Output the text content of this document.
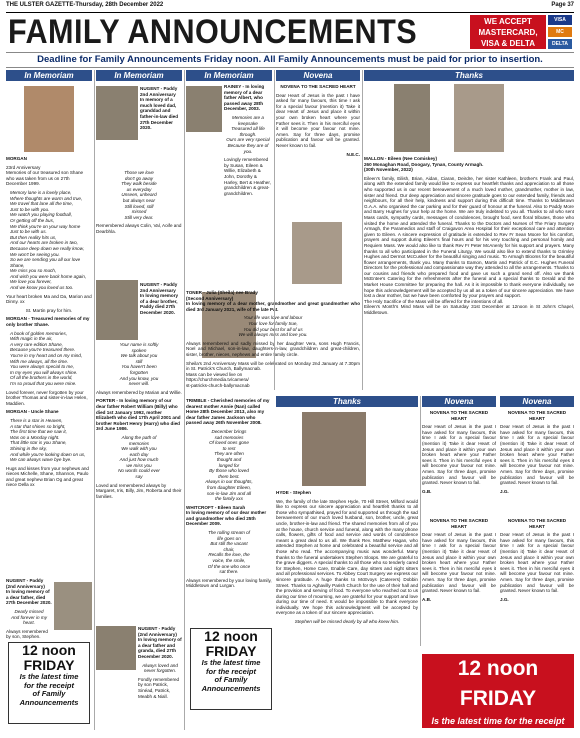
THE ULSTER GAZETTE-Thursday, 28th December 2022	Page 37
FAMILY ANNOUNCEMENTS	WE ACCEPT
MASTERCARD,
VISA & DELTA
VISA
MC
DELTA
Deadline for Family Announcements Friday noon. All Family Announcements must be paid for prior to insertion.
In Memoriam

MORGAN

23rd Anniversary
Memories of our treasured son Shane who was taken from us on 27th December 1999.

Memory lane is a lovely place,
Where thoughts are warm and true,
We travel that lane all the time,
Just to be with you.
We watch you playing football,
Or getting off the bus,
We think you're on your way home
Just to be with us.
But then reality hits us,
And our hearts are broken in two,
Because deep down we really know,
We won't be seeing you.
So we are sending you all our love Shane,
We miss you so much,
And wish you were back home again,
We love you forever,
And we know you loved us too.

Your heart broken Ma and Da, Marion and Dinny. xx

St. Martin pray for him.

MORGAN - Treasured memories of my only brother Shane.

A book of golden memories,
With magic in the air,
A very rare edition Shane,
Because you're treasured there.
You're in my heart and on my mind,
With me always, all the time.
You were always special to me,
In my eyes you will always shine.
Of all the brothers in the world,
I'm so proud that you were mine.

Loved forever, never forgotten by your brother Thomas and sister-in-law Helen, Maddien.

MORGAN - Uncle Shane

There is a star in Heaven,
A star that shines so bright,
The first time that we saw it,
Was on a Monday night.
That little star is you Shane,
Shining in the sky,
And while you're looking down on us,
We can always wave bye bye.

Hugs and kisses from your nephews and nieces Michelle, Shane, Shannon, Paulo and great nephew Brian Og and great niece Della xx

NUGENT - Paddy (2nd Anniversary)
In loving memory of a dear father, died 27th December 2020.

Dearly missed
And forever in my heart.

Always remembered by son, Stephen.

12 noon
FRIDAY
Is the latest time
for the receipt
of Family
Announcements
In Memoriam

NUGENT - Paddy
2nd Anniversary
In memory of a much loved dad, granddad and father-in-law died 27th December 2020.

Those we love
don't go away
They walk beside
us everyday
Unseen, unheard
but always near
Still loved, still
missed
Still very dear.

Remembered always Colin, Val, Aoife and Dearbhla.

NUGENT - Paddy
2nd Anniversary
In loving memory of a dear brother, Paddy died 27th December 2020.

Your name is softly
spoken
We talk about you
still
You haven't been
forgotten
And you know, you
never will.

Always remembered by Marian and Willie.

PORTER - In loving memory of our dear father Robert William (Billy) who died 1st January 1992, mother Elizabeth who died 17th April 2001 and brother Robert Henry (Harry) who died 3rd June 1986.

Along the path of
memories
We walk with you
each day
And just how much
we miss you
No words could ever
say

Loved and remembered always by Margaret, Iris, Billy, Jim, Roberta and their families.

NUGENT - Paddy (2nd Anniversary)
In loving memory of a dear father and granda, died 27th December 2020.

Always loved and
never forgotten.

Fondly remembered by son Patrick, Sinéad, Patrick, Meabh & Niall.

12 noon
FRIDAY
Is the latest time
for the receipt
of Family
Announcements
In Memoriam

RAINEY - In loving memory of a dear father Albert, who passed away 28th December, 2003.

Memories are a
keepsake
Treasured all life
through.
Ours are very special
Because they are of
you.

Lovingly remembered by Susan, Eileen & Willie, Elizabeth & John, Dorothy & Harley, Bert & Heather, grandchildren & great-grandchildren.

TONER - Julia (Sheila) nee Brady
(Second Anniversary)
In loving memory of a dear mother, grandmother and great grandmother who died 3rd January 2021, wife of the late Pat.

Your life was love and labour
Your love for family true,
You did your best for all of us
We will always miss and love you.

Always remembered and sadly missed by her daughter Vera, sons Hugh Francis, Noel and Michael, son-in-law, daughters-in-law, grandchildren and great-children, sister, brother, nieces, nephews and entire family circle.

Sheila's 2nd Anniversary Mass will be celebrated on Monday 2nd January at 7.30pm in St. Patrick's Church, Ballymacnab.
Mass can be viewed live on
https://churchmedia.tv/camera/
st-patricks-church-ballymacnab

TRIMBLE - Cherished memories of my dearest mother Annie (Nan) called Home 28th December 2013, also my dear father James Jackson who passed away 26th November 2008.

December brings
sad memories
Of loved ones gone
to rest
They are often
thought and
longed for
By those who loved
them best.
Always in our thoughts,
from daughter Eileen,
son-in-law Jim and all
the family xxx

WHITCROFT - Eileen Sarah
In loving memory of our dear mother and grandmother who died 25th December 2009.

The rolling stream of
life goes on
But still the vacant
chair,
Recalls the love, the
voice, the smile,
Of the one who once
sat there.

Always remembered by your loving family, Middletown and Lurgan.

Novena

NOVENA TO THE SACRED HEART

Dear Heart of Jesus in the past I have asked for many favours, this time I ask for a special favour (mention it) Take it dear Heart of Jesus and place it within your own broken heart where your Father sees it. Then in his merciful eyes it will become your favour not mine. Amen. Say for three days, promise publication and favour will be granted. Never known to fail.

N.E.C.

Thanks

MALLON - Eileen (Nee Comiskey)
260 Monaghan Road, Doogary, Tynan, County Armagh.
(30th November, 2022)

Eileen's family, Eilish, Brian, Aidan, Ciaran, Deirdre, her sister Kathleen, brother's Frank and Paul, along with the extended family would like to express our heartfelt thanks and appreciation to all those who supported us in our recent bereavement of a much loved mother, grandmother, mother in law, sister and friend. Our deep appreciation and sincere gratitude goes to our extended family, friends and neighbours, for all their help, kindness and support during this difficult time. Thanks to Middletown G.A.A. who organised the car parking and for their guard of honour at the funeral. Also to Paddy More and Barry Hughes for your help at the home. We are truly indebted to you all. Thanks to all who sent Mass cards, sympathy cards, messages of condolences, brought food, sent floral tributes, those who visited the home and attended the funeral. Thanks to the Doctors and Nurses of The Friary Surgery Armagh, the Paramedics and staff of Craigavon Area Hospital for their exceptional care and attention given to Eileen. A sincere expression of gratitude is extended to Rev Fr Sean Moore for his comfort, prayers and support during Eileen's final hours and for his very touching and personal homily and Requiem Mass. We would also like to thank Rev Fr Peter McAnenly for his support and prayers. Many thanks to all who participated in the Funeral Liturgy. We would also like to extend thanks to Grimley Hughes and Dermot McCusker for the beautiful singing and music. To Armagh Blooms for the beautiful flower arrangements, thank you. Many thanks to Eamon, Martin and Patrick of E.C. Hughes Funeral Directors for the professional and compassionate way they attended to all the arrangements. Thanks to our cousins and friends who prepared food and gave us such a grand send off. Also we thank McEntee's Catering for the refreshments after the funeral and a special thanks to Gerald and the Market House Committee for preparing the hall. As it is impossible to thank everyone individually, we hope this acknowledgement will be accepted by us all as a token of our sincere appreciation. We have lost a dear mother, but we have been comforted by your prayers and support.
The Holy Sacrifice of the Mass will be offered for the intentions of all.
Eileen's Month's Mind Mass will be on Saturday 31st December at 12noon in St John's Chapel, Middletown.

Thanks

HYDE - Stephen

We, the family of the late Stephen Hyde, 70 Hill Street, Milford would like to express our sincere appreciation and heartfelt thanks to all those who sympathised, prayed for and supported us through the sad bereavement of our much loved husband, son, brother, uncle, great uncle, brother-in-law and friend. The shared memories from all of you at the house, church service and funeral, along with the many phone calls, flowers, gifts of food and service and words of condolence meant a great deal to us all. We thank Rev. Matthew Hagan, who attended Stephen at home and celebrated a beautiful service and all those who read. The accompanying music was wonderful. Many thanks to the funeral undertakers Stephen Sloops. We are grateful to the grave diggers. A special thanks to all those who so tenderly cared for Stephen, Home Care, Enable Care, day sitters and night sitters and all professional services. To Abbey Court Surgery we express our sincere gratitude. A huge thanks to McEvoys (Caterers) Dobbin Street. Thanks to Aghavilly Parish Church for the use of their hall and the provision and serving of food. To everyone who reached out to us during our time of mourning, we are grateful for your support and love during our time of need. It would be impossible to thank everyone individually. We hope this acknowledgment will be accepted by everyone as a token of our sincere appreciation.

Stephen will be missed dearly by all who knew him.

Novena

NOVENA TO THE SACRED HEART

Dear Heart of Jesus in the past I have asked for many favours, this time I ask for a special favour (mention it) Take it dear Heart of Jesus and place it within your own broken heart where your Father sees it. Then in his merciful eyes it will become your favour not mine. Amen. Say for three days, promise publication and favour will be granted. Never known to fail.

G.B.

NOVENA TO THE SACRED HEART

Dear Heart of Jesus in the past I have asked for many favours, this time I ask for a special favour (mention it) Take it dear Heart of Jesus and place it within your own broken heart where your Father sees it. Then in his merciful eyes it will become your favour not mine. Amen. Say for three days, promise publication and favour will be granted. Never known to fail.

A.B.

Novena

NOVENA TO THE SACRED HEART

Dear Heart of Jesus in the past I have asked for many favours, this time I ask for a special favour (mention it) Take it dear Heart of Jesus and place it within your own broken heart where your Father sees it. Then in his merciful eyes it will become your favour not mine. Amen. Say for three days, promise publication and favour will be granted. Never known to fail.

J.G.

NOVENA TO THE SACRED HEART

Dear Heart of Jesus in the past I have asked for many favours, this time I ask for a special favour (mention it) Take it dear Heart of Jesus and place it within your own broken heart where your Father sees it. Then in his merciful eyes it will become your favour not mine. Amen. Say for three days, promise publication and favour will be granted. Never known to fail.

J.G.

12 noon FRIDAY
Is the latest time for the receipt of Family Announcements
